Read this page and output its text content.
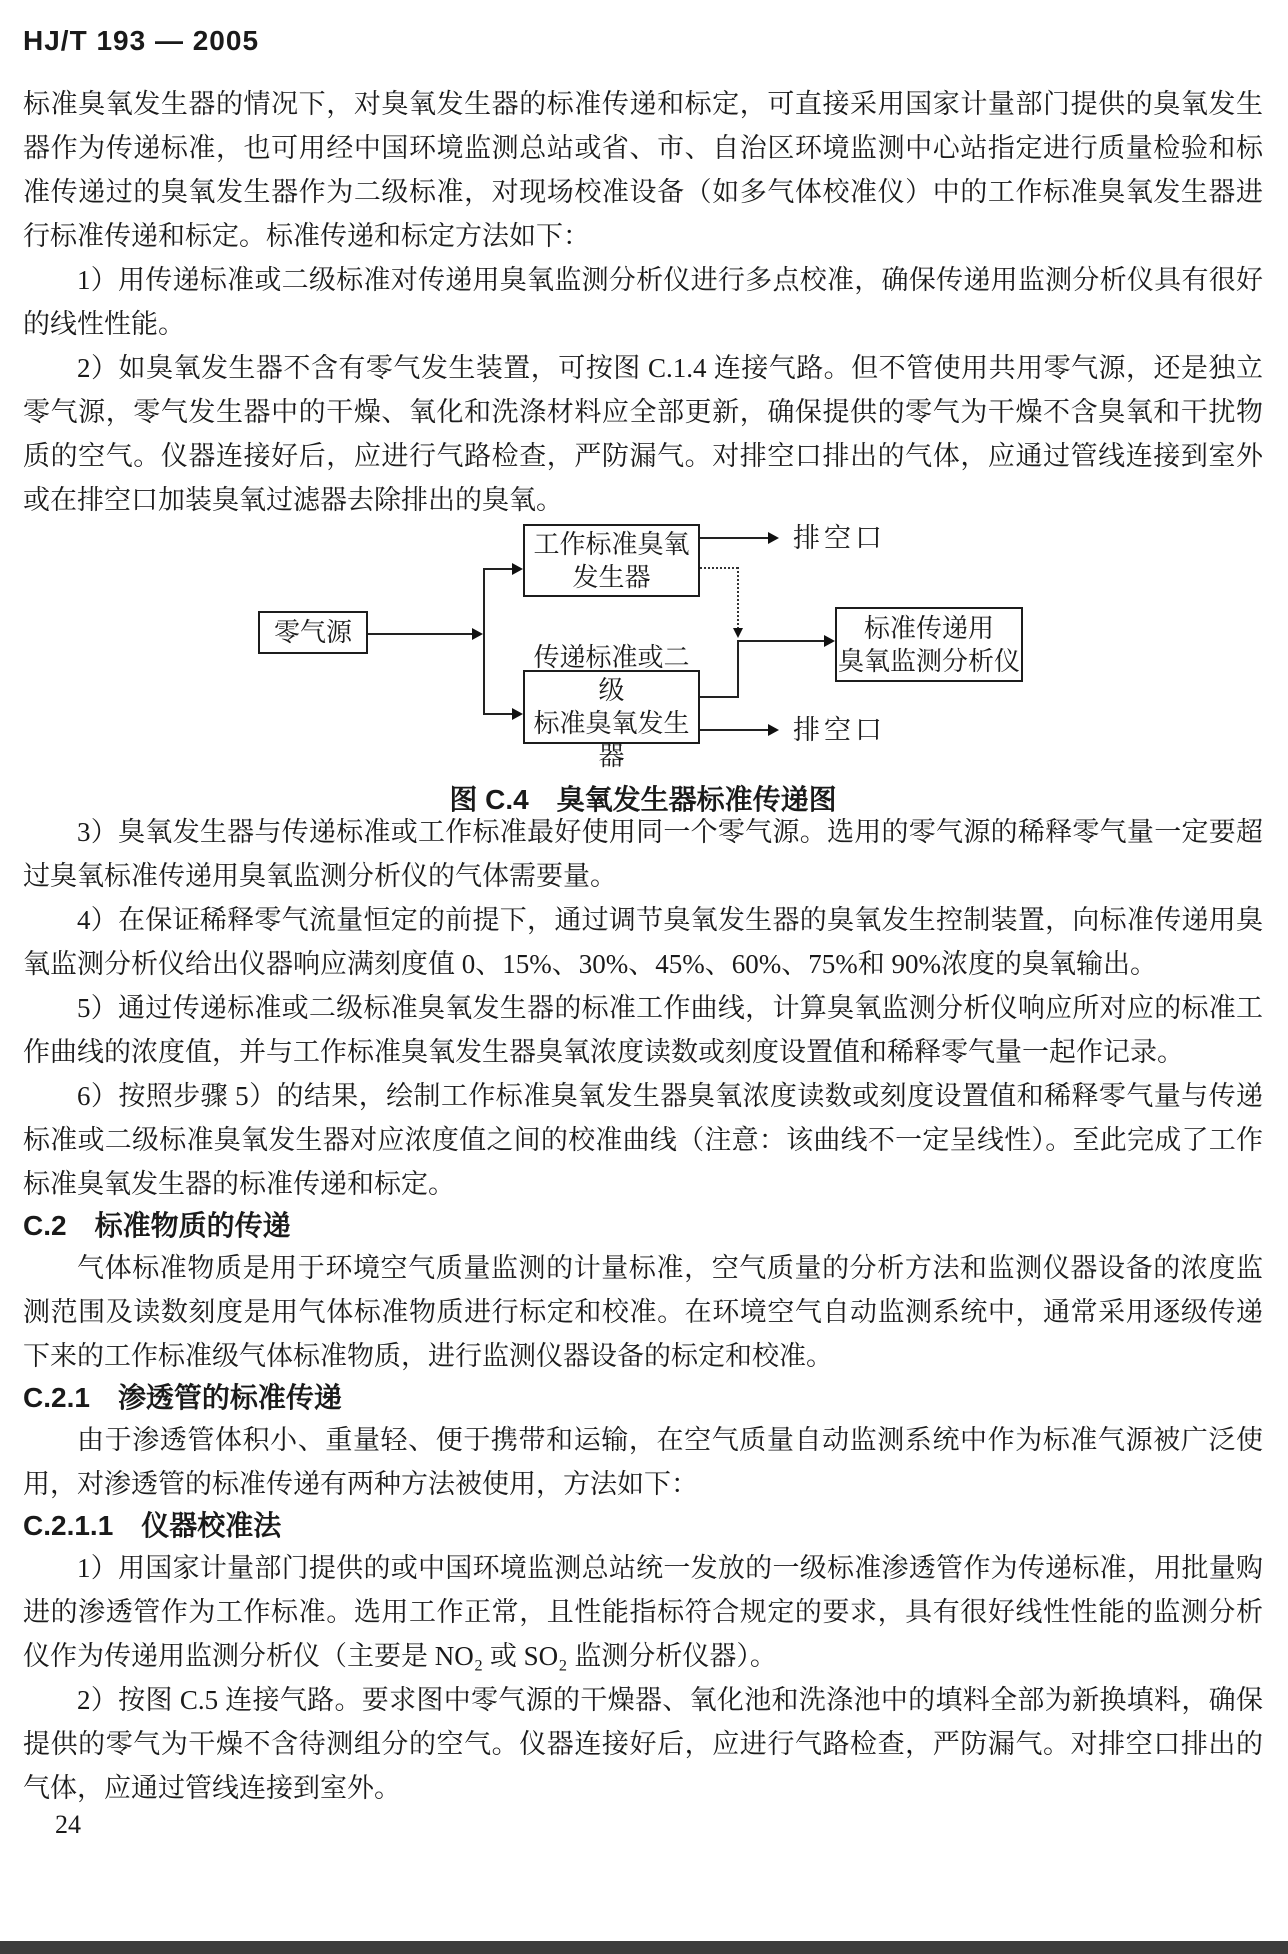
HJ/T 193 — 2005

标准臭氧发生器的情况下，对臭氧发生器的标准传递和标定，可直接采用国家计量部门提供的臭氧发生器作为传递标准，也可用经中国环境监测总站或省、市、自治区环境监测中心站指定进行质量检验和标准传递过的臭氧发生器作为二级标准，对现场校准设备（如多气体校准仪）中的工作标准臭氧发生器进行标准传递和标定。标准传递和标定方法如下：

1）用传递标准或二级标准对传递用臭氧监测分析仪进行多点校准，确保传递用监测分析仪具有很好的线性性能。

2）如臭氧发生器不含有零气发生装置，可按图 C.1.4 连接气路。但不管使用共用零气源，还是独立零气源，零气发生器中的干燥、氧化和洗涤材料应全部更新，确保提供的零气为干燥不含臭氧和干扰物质的空气。仪器连接好后，应进行气路检查，严防漏气。对排空口排出的气体，应通过管线连接到室外或在排空口加装臭氧过滤器去除排出的臭氧。

工作标准臭氧
发生器
零气源	标准传递用
臭氧监测分析仪
传递标准或二级
标准臭氧发生器
排空口
排空口
图 C.4　臭氧发生器标准传递图

3）臭氧发生器与传递标准或工作标准最好使用同一个零气源。选用的零气源的稀释零气量一定要超过臭氧标准传递用臭氧监测分析仪的气体需要量。

4）在保证稀释零气流量恒定的前提下，通过调节臭氧发生器的臭氧发生控制装置，向标准传递用臭氧监测分析仪给出仪器响应满刻度值 0、15%、30%、45%、60%、75%和 90%浓度的臭氧输出。

5）通过传递标准或二级标准臭氧发生器的标准工作曲线，计算臭氧监测分析仪响应所对应的标准工作曲线的浓度值，并与工作标准臭氧发生器臭氧浓度读数或刻度设置值和稀释零气量一起作记录。

6）按照步骤 5）的结果，绘制工作标准臭氧发生器臭氧浓度读数或刻度设置值和稀释零气量与传递标准或二级标准臭氧发生器对应浓度值之间的校准曲线（注意：该曲线不一定呈线性）。至此完成了工作标准臭氧发生器的标准传递和标定。

C.2　标准物质的传递

气体标准物质是用于环境空气质量监测的计量标准，空气质量的分析方法和监测仪器设备的浓度监测范围及读数刻度是用气体标准物质进行标定和校准。在环境空气自动监测系统中，通常采用逐级传递下来的工作标准级气体标准物质，进行监测仪器设备的标定和校准。

C.2.1　渗透管的标准传递

由于渗透管体积小、重量轻、便于携带和运输，在空气质量自动监测系统中作为标准气源被广泛使用，对渗透管的标准传递有两种方法被使用，方法如下：

C.2.1.1　仪器校准法

1）用国家计量部门提供的或中国环境监测总站统一发放的一级标准渗透管作为传递标准，用批量购进的渗透管作为工作标准。选用工作正常，且性能指标符合规定的要求，具有很好线性性能的监测分析仪作为传递用监测分析仪（主要是 NO₂ 或 SO₂ 监测分析仪器）。

2）按图 C.5 连接气路。要求图中零气源的干燥器、氧化池和洗涤池中的填料全部为新换填料，确保提供的零气为干燥不含待测组分的空气。仪器连接好后，应进行气路检查，严防漏气。对排空口排出的气体，应通过管线连接到室外。

24
